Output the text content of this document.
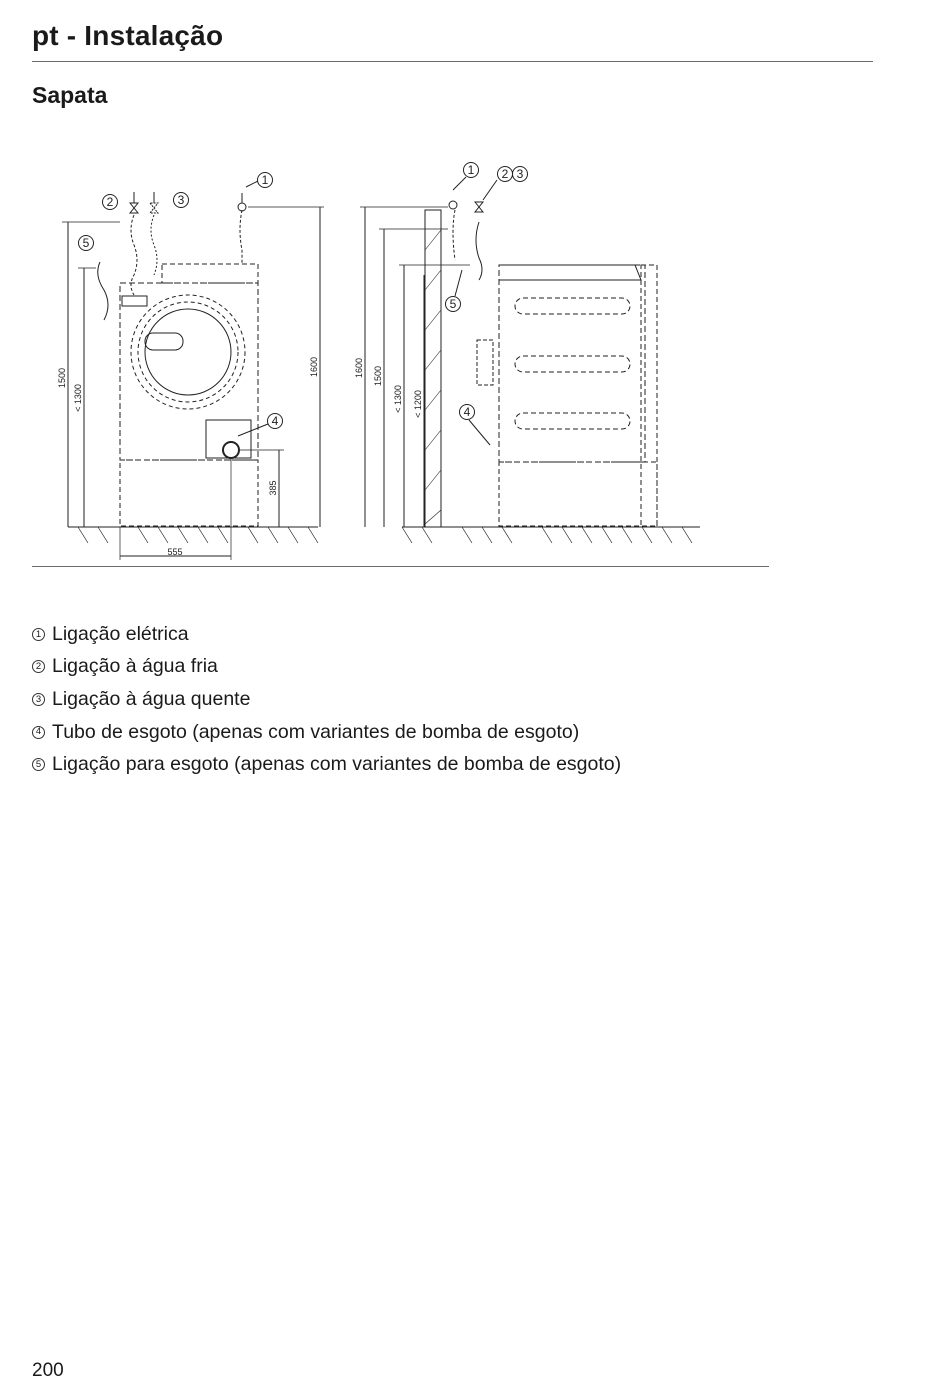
pt - Instalação
Sapata
1
2	3
5
4
1 2 3
5
4
1500
< 1300
1600
385
555
1600 1500
< 1300 < 1200
1 Ligação elétrica
2 Ligação à água fria
3 Ligação à água quente
4 Tubo de esgoto (apenas com variantes de bomba de esgoto)
5 Ligação para esgoto (apenas com variantes de bomba de esgoto)
200
